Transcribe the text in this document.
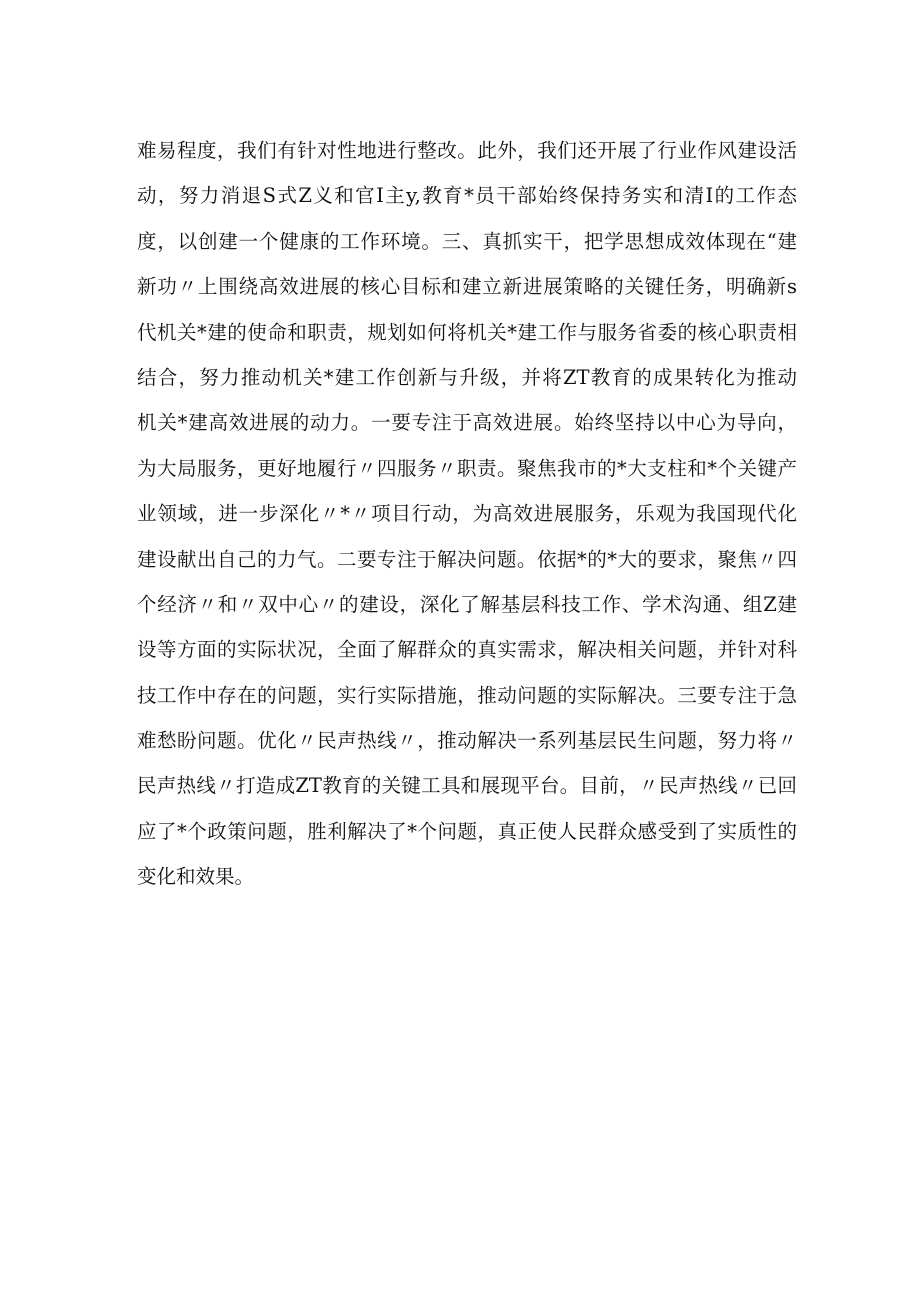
难易程度，我们有针对性地进行整改。此外，我们还开展了行业作风建设活
动，努力消退S式Z义和官I主y,教育*员干部始终保持务实和清I的工作态
度，以创建一个健康的工作环境。三、真抓实干，把学思想成效体现在“建
新功〃上围绕高效进展的核心目标和建立新进展策略的关键任务，明确新s
代机关*建的使命和职责，规划如何将机关*建工作与服务省委的核心职责相
结合，努力推动机关*建工作创新与升级，并将ZT教育的成果转化为推动
机关*建高效进展的动力。一要专注于高效进展。始终坚持以中心为导向，
为大局服务，更好地履行〃四服务〃职责。聚焦我市的*大支柱和*个关键产
业领域，进一步深化〃*〃项目行动，为高效进展服务，乐观为我国现代化
建设献出自己的力气。二要专注于解决问题。依据*的*大的要求，聚焦〃四
个经济〃和〃双中心〃的建设，深化了解基层科技工作、学术沟通、组Z建
设等方面的实际状况，全面了解群众的真实需求，解决相关问题，并针对科
技工作中存在的问题，实行实际措施，推动问题的实际解决。三要专注于急
难愁盼问题。优化〃民声热线〃，推动解决一系列基层民生问题，努力将〃
民声热线〃打造成ZT教育的关键工具和展现平台。目前，〃民声热线〃已回
应了*个政策问题，胜利解决了*个问题，真正使人民群众感受到了实质性的
变化和效果。
